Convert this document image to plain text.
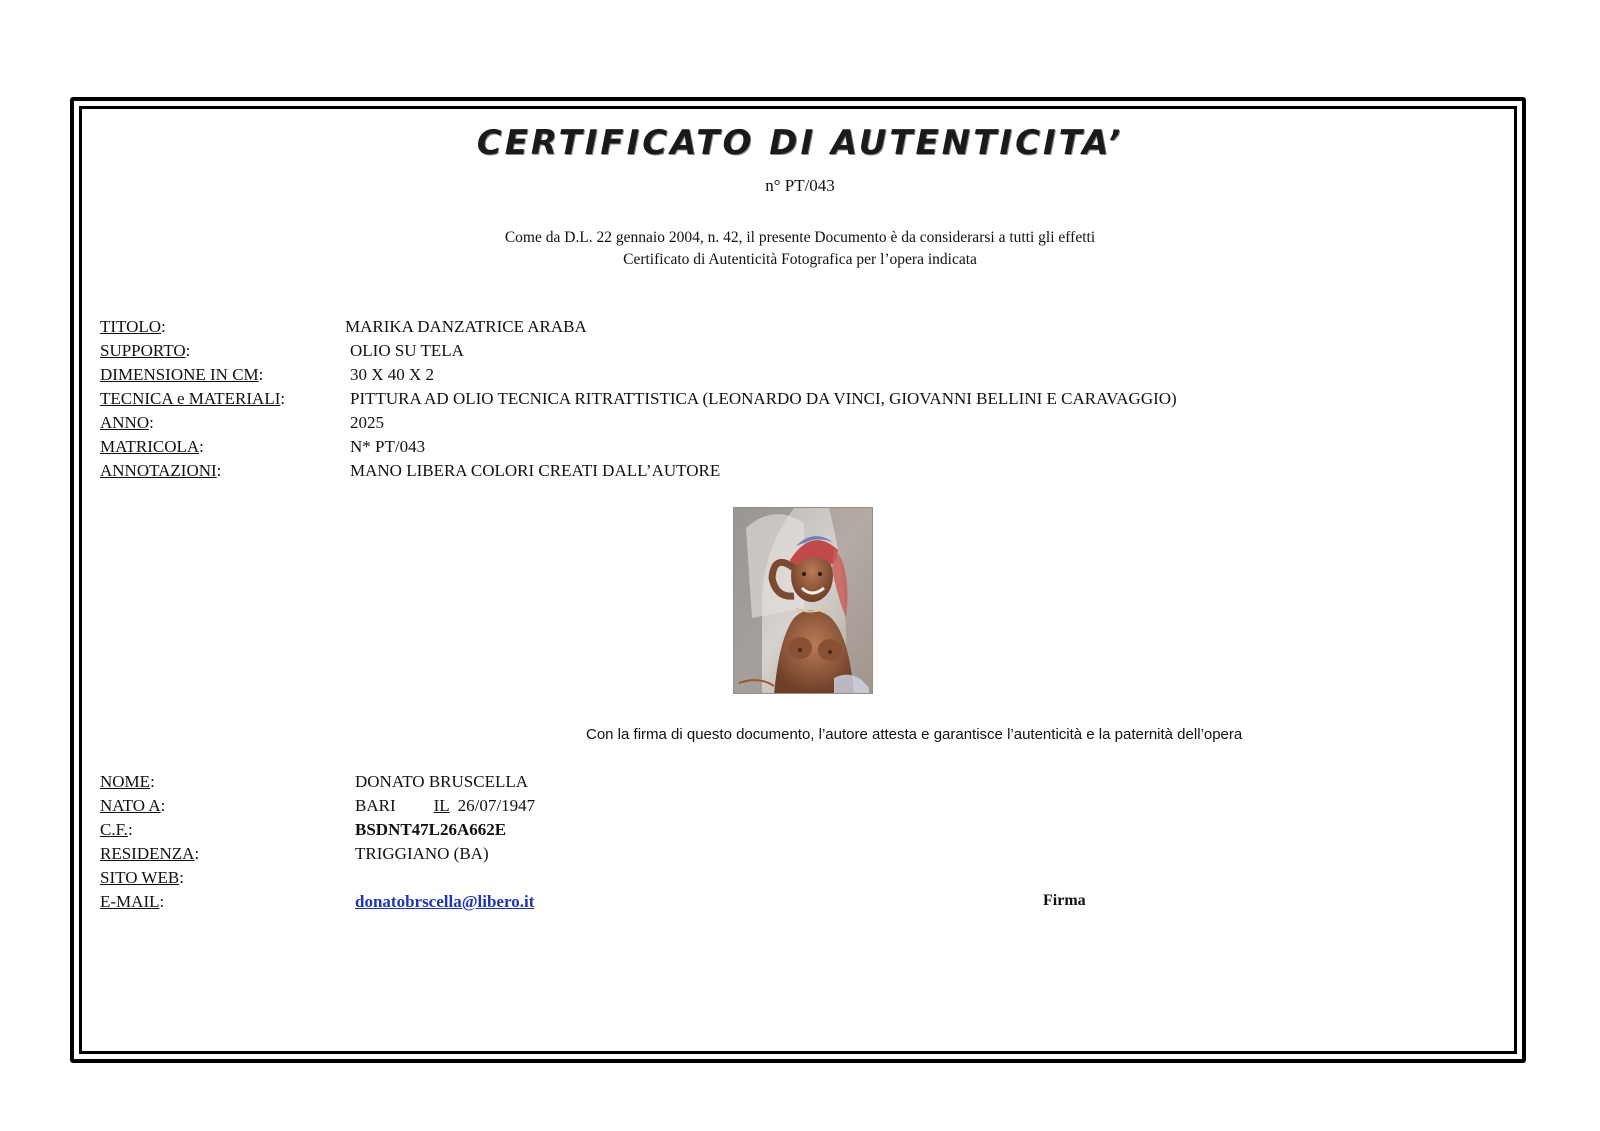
CERTIFICATO DI AUTENTICITA’
n° PT/043
Come da D.L. 22 gennaio 2004, n. 42, il presente Documento è da considerarsi a tutti gli effetti
Certificato di Autenticità Fotografica per l’opera indicata
TITOLO:	MARIKA DANZATRICE ARABA
SUPPORTO:	OLIO SU TELA
DIMENSIONE IN CM:	30 X 40 X 2
TECNICA e MATERIALI:	PITTURA AD OLIO TECNICA RITRATTISTICA (LEONARDO DA VINCI, GIOVANNI BELLINI E CARAVAGGIO)
ANNO:	2025
MATRICOLA:	N* PT/043
ANNOTAZIONI:	MANO LIBERA COLORI CREATI DALL’AUTORE
Con la firma di questo documento, l’autore attesta e garantisce l’autenticità e la paternità dell’opera
NOME:	DONATO BRUSCELLA
NATO A:	BARI IL 26/07/1947
C.F.:	BSDNT47L26A662E
RESIDENZA:	TRIGGIANO (BA)
SITO WEB:
E-MAIL:	donatobrscella@libero.it	Firma
